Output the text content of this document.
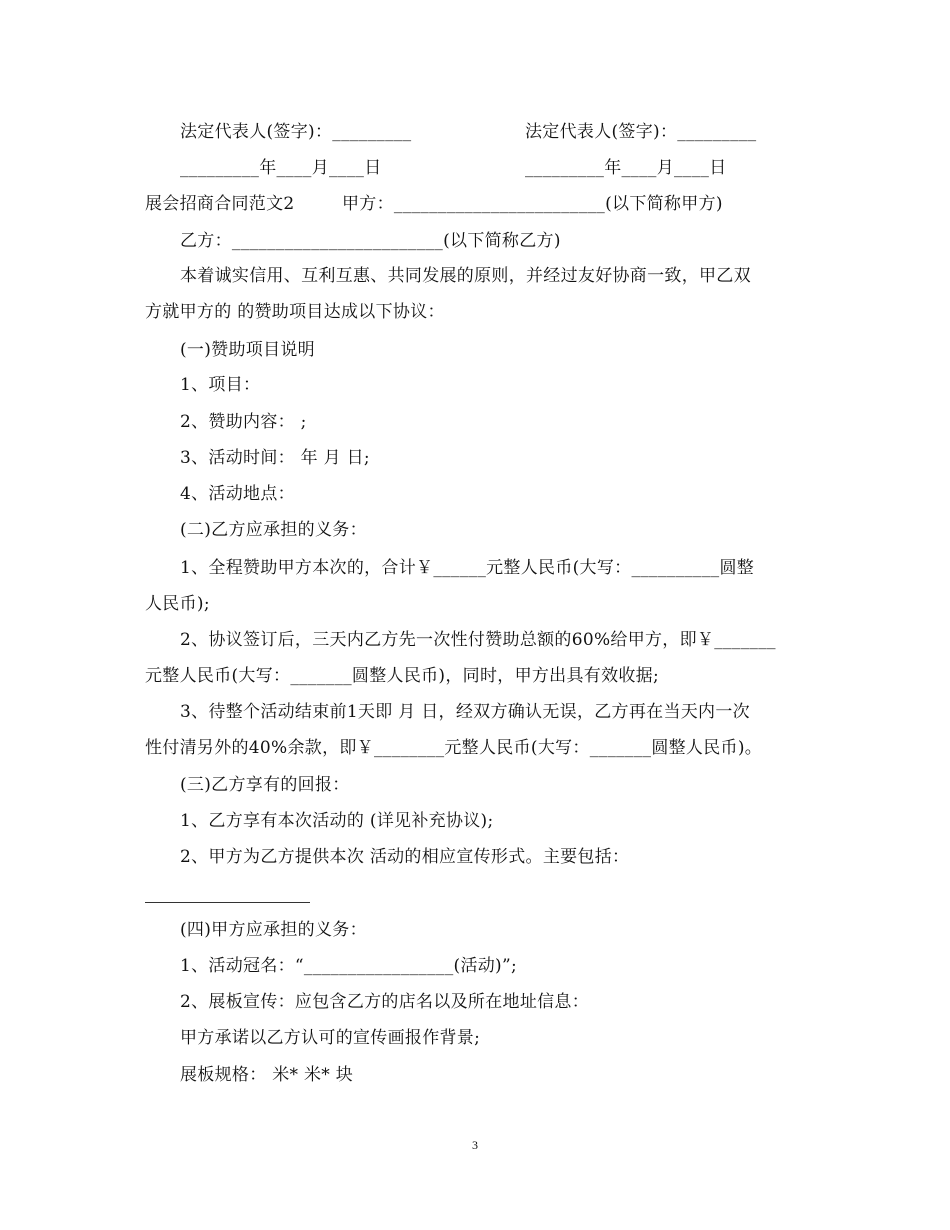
法定代表人(签字)：_________	法定代表人(签字)：_________
_________年____月____日	_________年____月____日
展会招商合同范文2	甲方：________________________(以下简称甲方)
乙方：________________________(以下简称乙方)
本着诚实信用、互利互惠、共同发展的原则，并经过友好协商一致，甲乙双
方就甲方的 的赞助项目达成以下协议：
(一)赞助项目说明
1、项目：
2、赞助内容： ;
3、活动时间： 年 月 日;
4、活动地点：
(二)乙方应承担的义务：
1、全程赞助甲方本次的，合计￥______元整人民币(大写：__________圆整
人民币);
2、协议签订后，三天内乙方先一次性付赞助总额的60%给甲方，即￥_______
元整人民币(大写：_______圆整人民币)，同时，甲方出具有效收据;
3、待整个活动结束前1天即 月 日，经双方确认无误，乙方再在当天内一次
性付清另外的40%余款，即￥________元整人民币(大写：_______圆整人民币)。
(三)乙方享有的回报：
1、乙方享有本次活动的 (详见补充协议);
2、甲方为乙方提供本次 活动的相应宣传形式。主要包括：
(四)甲方应承担的义务：
1、活动冠名：“_________________(活动)”;
2、展板宣传：应包含乙方的店名以及所在地址信息：
甲方承诺以乙方认可的宣传画报作背景;
展板规格： 米* 米* 块
3
